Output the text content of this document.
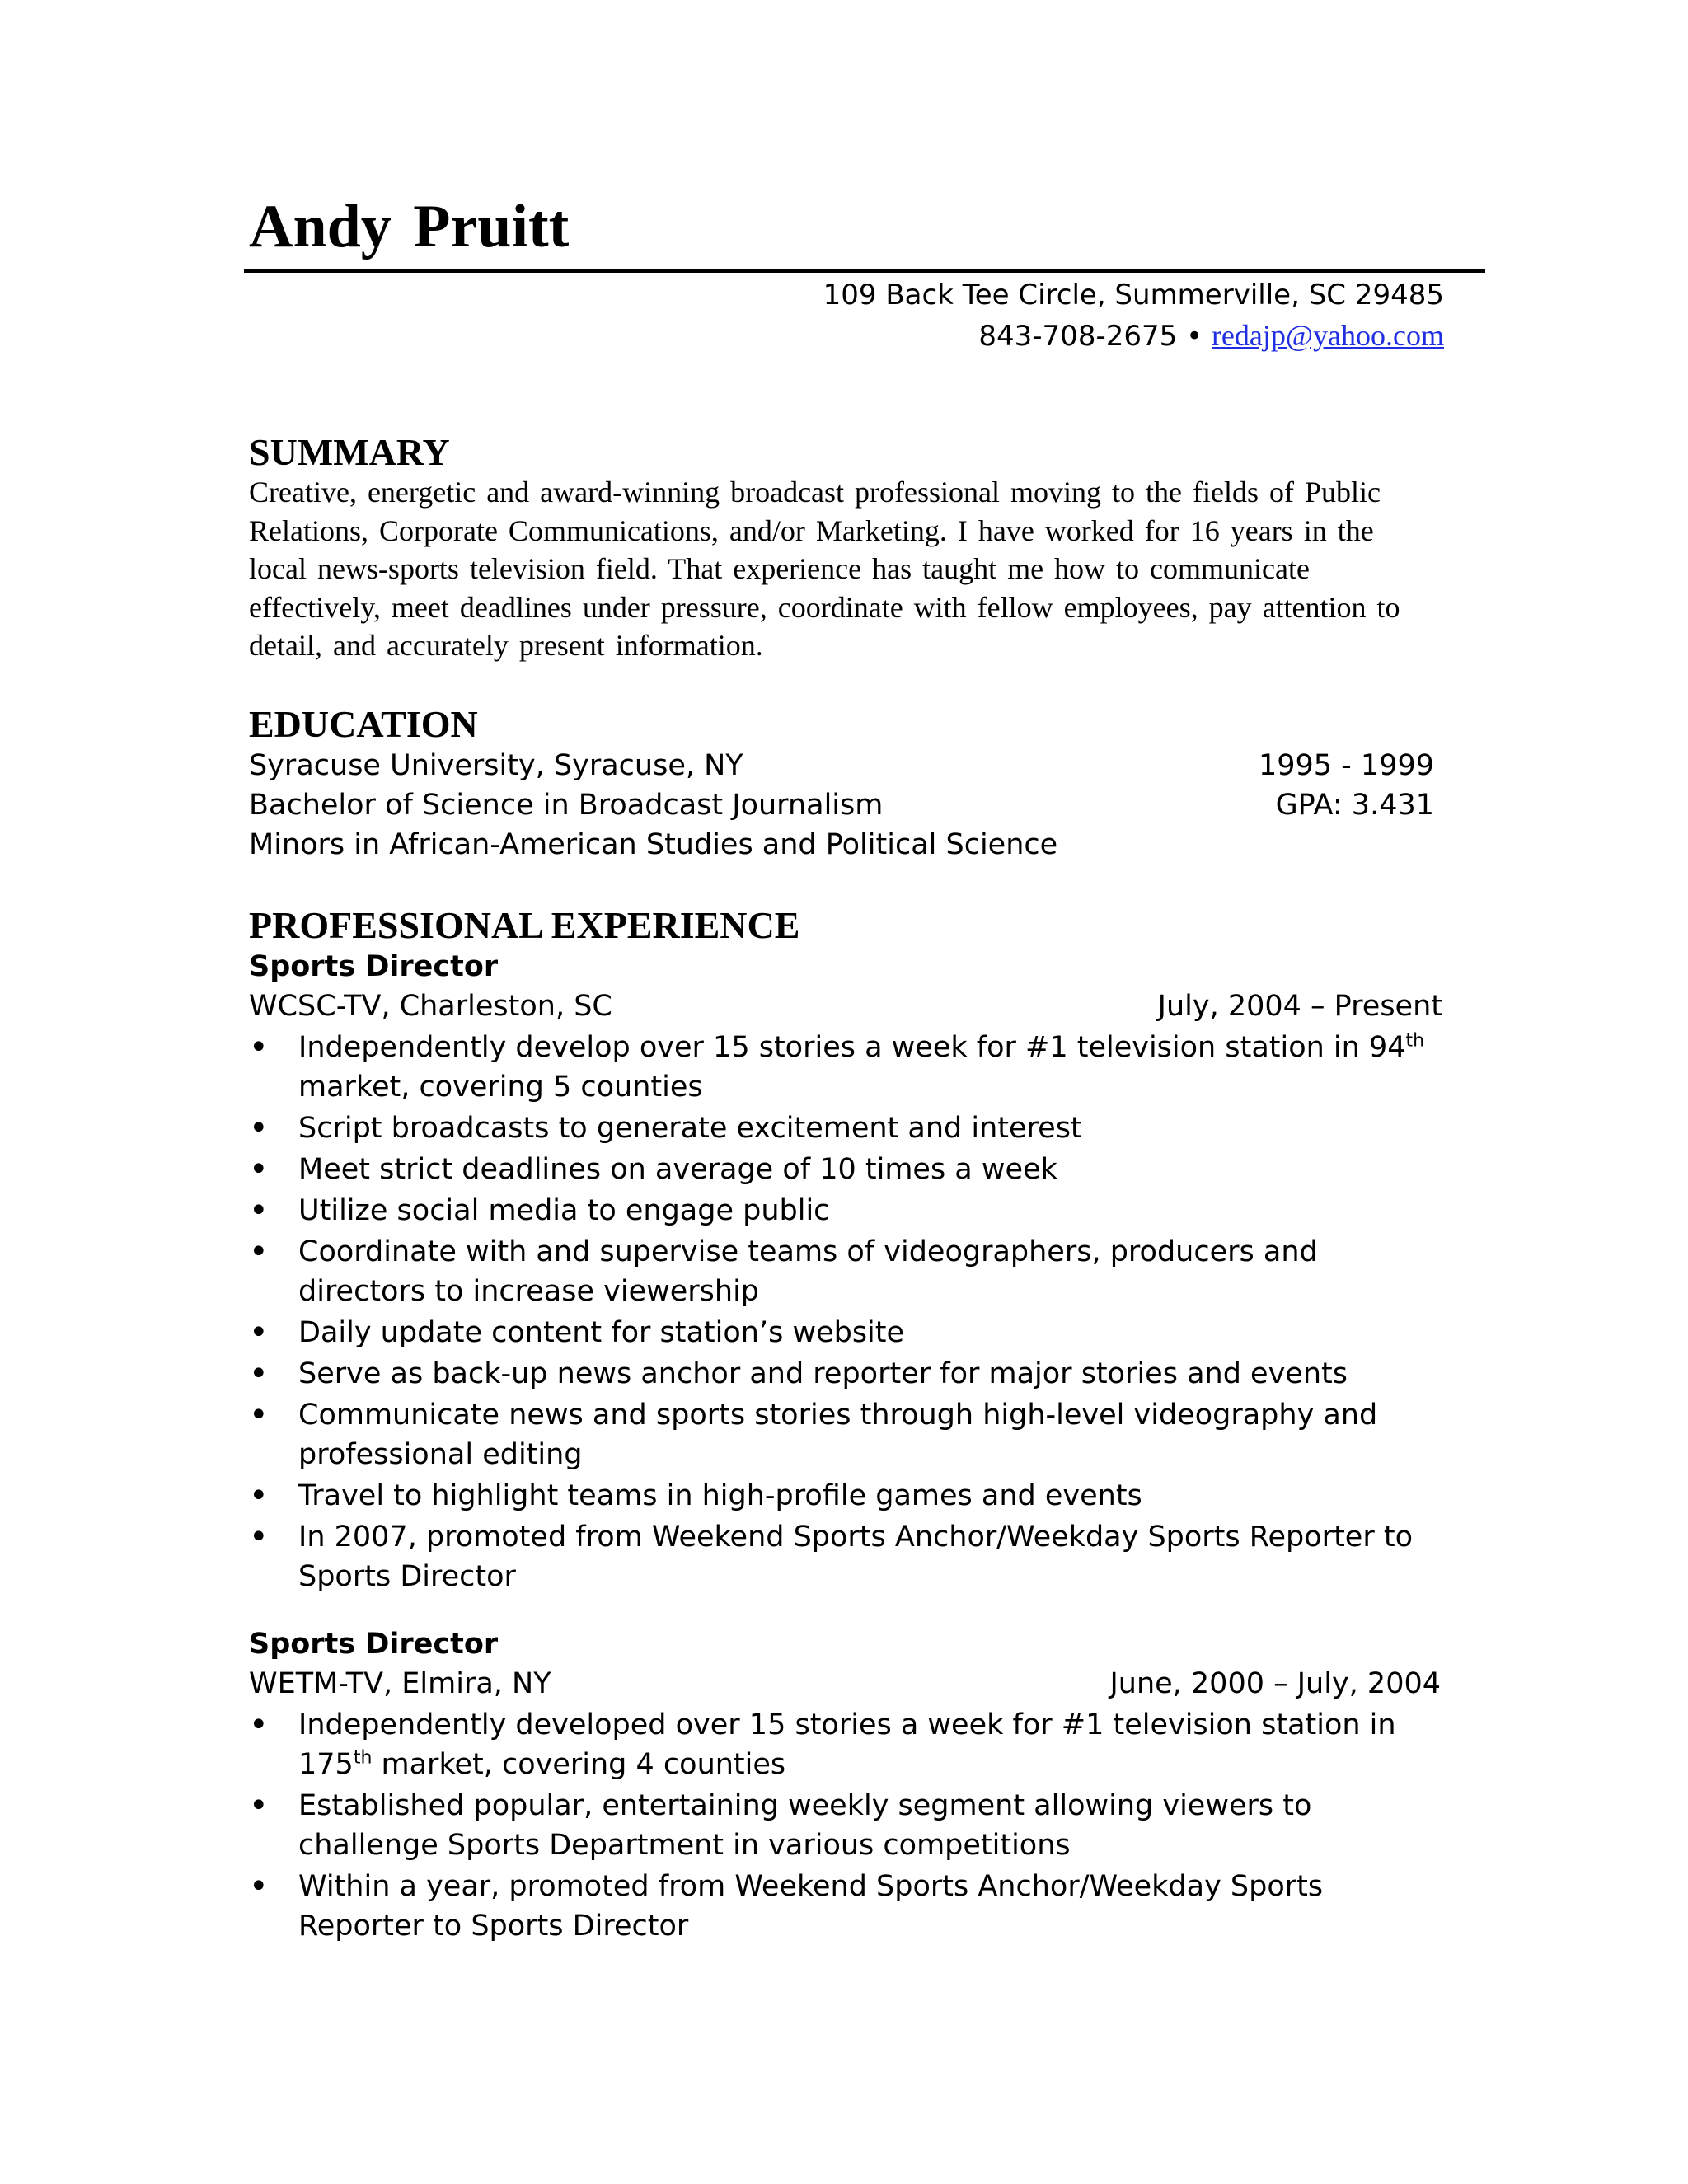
Andy Pruitt
109 Back Tee Circle, Summerville, SC 29485
843-708-2675 • redajp@yahoo.com
SUMMARY
Creative, energetic and award-winning broadcast professional moving to the fields of Public Relations, Corporate Communications, and/or Marketing. I have worked for 16 years in the local news-sports television field. That experience has taught me how to communicate effectively, meet deadlines under pressure, coordinate with fellow employees, pay attention to detail, and accurately present information.
EDUCATION
Syracuse University, Syracuse, NY	1995 - 1999
Bachelor of Science in Broadcast Journalism	GPA: 3.431
Minors in African-American Studies and Political Science
PROFESSIONAL EXPERIENCE
Sports Director
WCSC-TV, Charleston, SC	July, 2004 – Present
• Independently develop over 15 stories a week for #1 television station in 94th market, covering 5 counties
• Script broadcasts to generate excitement and interest
• Meet strict deadlines on average of 10 times a week
• Utilize social media to engage public
• Coordinate with and supervise teams of videographers, producers and directors to increase viewership
• Daily update content for station’s website
• Serve as back-up news anchor and reporter for major stories and events
• Communicate news and sports stories through high-level videography and professional editing
• Travel to highlight teams in high-profile games and events
• In 2007, promoted from Weekend Sports Anchor/Weekday Sports Reporter to Sports Director
Sports Director
WETM-TV, Elmira, NY	June, 2000 – July, 2004
• Independently developed over 15 stories a week for #1 television station in 175th market, covering 4 counties
• Established popular, entertaining weekly segment allowing viewers to challenge Sports Department in various competitions
• Within a year, promoted from Weekend Sports Anchor/Weekday Sports Reporter to Sports Director
